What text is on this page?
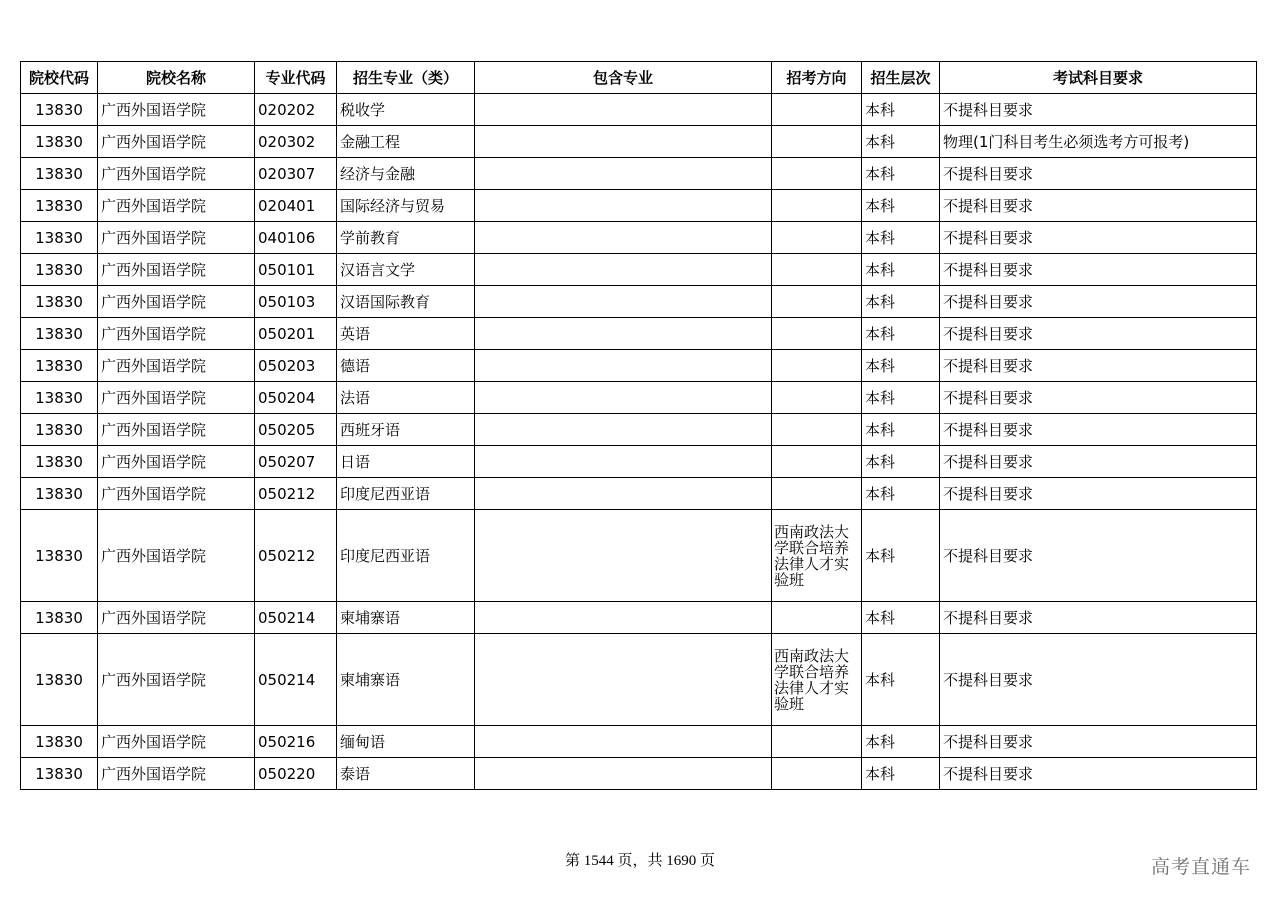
院校代码	院校名称	专业代码	招生专业（类）	包含专业	招考方向	招生层次	考试科目要求
13830	广西外国语学院	020202	税收学			本科	不提科目要求
13830	广西外国语学院	020302	金融工程			本科	物理(1门科目考生必须选考方可报考)
13830	广西外国语学院	020307	经济与金融			本科	不提科目要求
13830	广西外国语学院	020401	国际经济与贸易			本科	不提科目要求
13830	广西外国语学院	040106	学前教育			本科	不提科目要求
13830	广西外国语学院	050101	汉语言文学			本科	不提科目要求
13830	广西外国语学院	050103	汉语国际教育			本科	不提科目要求
13830	广西外国语学院	050201	英语			本科	不提科目要求
13830	广西外国语学院	050203	德语			本科	不提科目要求
13830	广西外国语学院	050204	法语			本科	不提科目要求
13830	广西外国语学院	050205	西班牙语			本科	不提科目要求
13830	广西外国语学院	050207	日语			本科	不提科目要求
13830	广西外国语学院	050212	印度尼西亚语			本科	不提科目要求
13830	广西外国语学院	050212	印度尼西亚语		西南政法大学联合培养法律人才实验班	本科	不提科目要求
13830	广西外国语学院	050214	柬埔寨语			本科	不提科目要求
13830	广西外国语学院	050214	柬埔寨语		西南政法大学联合培养法律人才实验班	本科	不提科目要求
13830	广西外国语学院	050216	缅甸语			本科	不提科目要求
13830	广西外国语学院	050220	泰语			本科	不提科目要求
第 1544 页，共 1690 页	高考直通车
